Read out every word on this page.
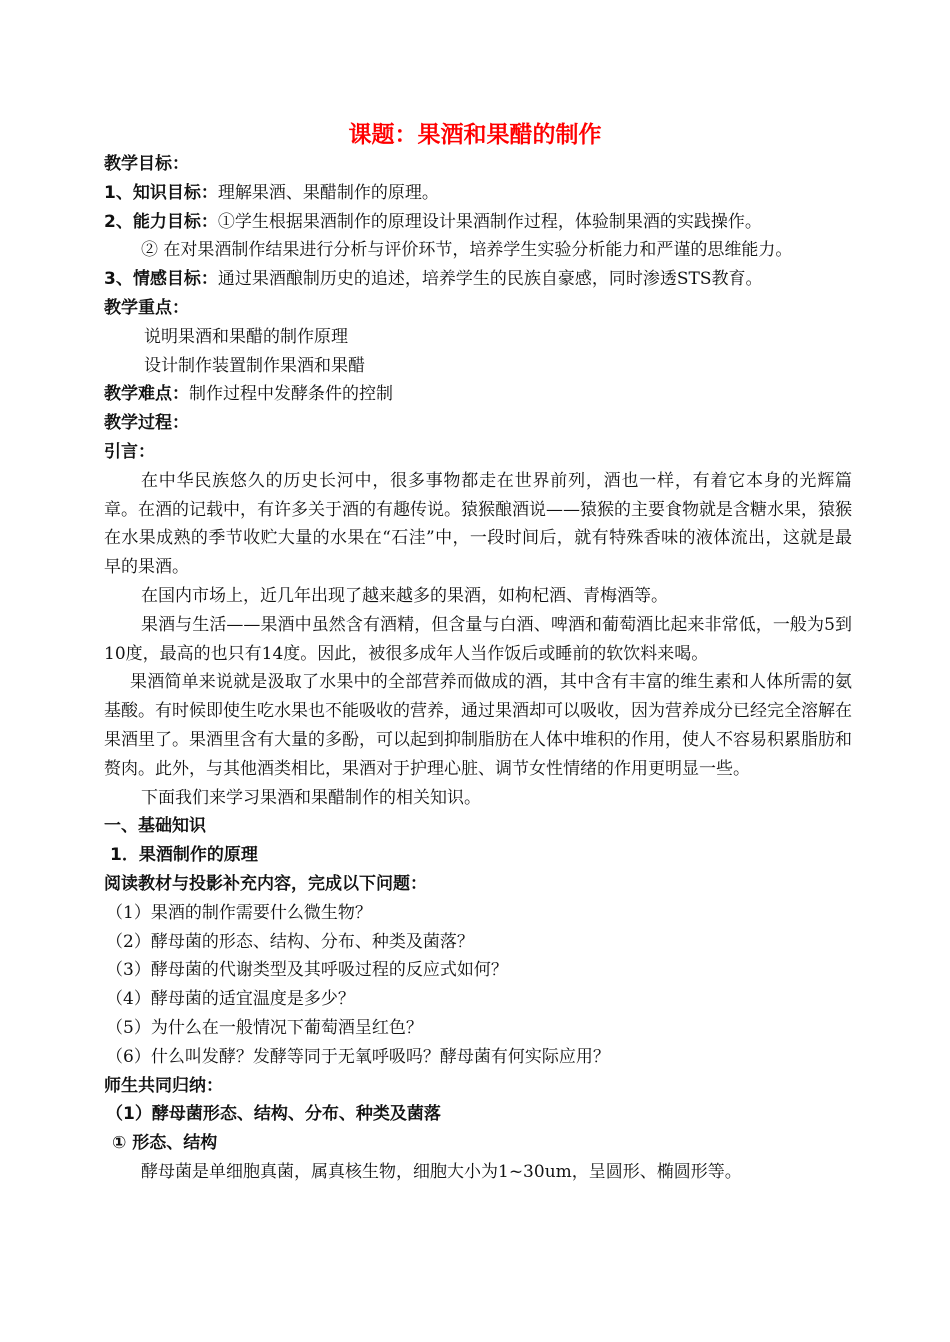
课题：果酒和果醋的制作

教学目标：

1、知识目标：理解果酒、果醋制作的原理。

2、能力目标：①学生根据果酒制作的原理设计果酒制作过程，体验制果酒的实践操作。

② 在对果酒制作结果进行分析与评价环节，培养学生实验分析能力和严谨的思维能力。

3、情感目标：通过果酒酿制历史的追述，培养学生的民族自豪感，同时渗透STS教育。

教学重点：

说明果酒和果醋的制作原理

设计制作装置制作果酒和果醋

教学难点：制作过程中发酵条件的控制

教学过程：

引言：

在中华民族悠久的历史长河中，很多事物都走在世界前列，酒也一样，有着它本身的光辉篇章。在酒的记载中，有许多关于酒的有趣传说。猿猴酿酒说——猿猴的主要食物就是含糖水果，猿猴在水果成熟的季节收贮大量的水果在“石洼”中，一段时间后，就有特殊香味的液体流出，这就是最早的果酒。

在国内市场上，近几年出现了越来越多的果酒，如枸杞酒、青梅酒等。

果酒与生活——果酒中虽然含有酒精，但含量与白酒、啤酒和葡萄酒比起来非常低，一般为5到10度，最高的也只有14度。因此，被很多成年人当作饭后或睡前的软饮料来喝。

果酒简单来说就是汲取了水果中的全部营养而做成的酒，其中含有丰富的维生素和人体所需的氨基酸。有时候即使生吃水果也不能吸收的营养，通过果酒却可以吸收，因为营养成分已经完全溶解在果酒里了。果酒里含有大量的多酚，可以起到抑制脂肪在人体中堆积的作用，使人不容易积累脂肪和赘肉。此外，与其他酒类相比，果酒对于护理心脏、调节女性情绪的作用更明显一些。

下面我们来学习果酒和果醋制作的相关知识。

一、基础知识

1．果酒制作的原理

阅读教材与投影补充内容，完成以下问题：

（1）果酒的制作需要什么微生物？

（2）酵母菌的形态、结构、分布、种类及菌落？

（3）酵母菌的代谢类型及其呼吸过程的反应式如何？

（4）酵母菌的适宜温度是多少？

（5）为什么在一般情况下葡萄酒呈红色？

（6）什么叫发酵？发酵等同于无氧呼吸吗？酵母菌有何实际应用？

师生共同归纳：

（1）酵母菌形态、结构、分布、种类及菌落

① 形态、结构

酵母菌是单细胞真菌，属真核生物，细胞大小为1~30um，呈圆形、椭圆形等。
